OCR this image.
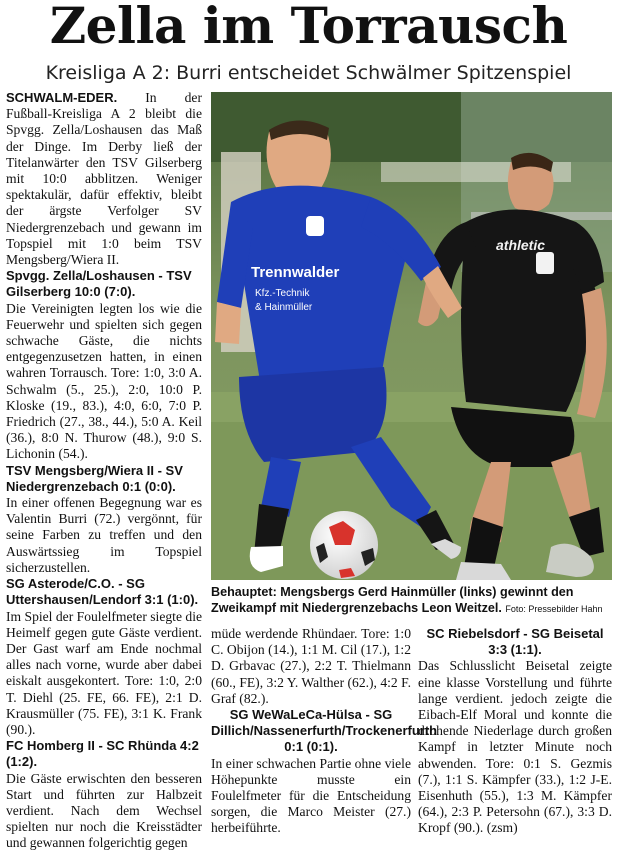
Zella im Torrausch
Kreisliga A 2: Burri entscheidet Schwälmer Spitzenspiel

SCHWALM-EDER. In der Fußball-Kreisliga A 2 bleibt die Spvgg. Zella/Loshausen das Maß der Dinge. Im Derby ließ der Titelanwärter den TSV Gilserberg mit 10:0 abblitzen. Weniger spektakulär, dafür effektiv, bleibt der ärgste Verfolger SV Niedergrenzebach und gewann im Topspiel mit 1:0 beim TSV Mengsberg/Wiera II.

Spvgg. Zella/Loshausen - TSV Gilserberg 10:0 (7:0).

Die Vereinigten legten los wie die Feuerwehr und spielten sich gegen schwache Gäste, die nichts entgegenzusetzen hatten, in einen wahren Torrausch. Tore: 1:0, 3:0 A. Schwalm (5., 25.), 2:0, 10:0 P. Kloske (19., 83.), 4:0, 6:0, 7:0 P. Friedrich (27., 38., 44.), 5:0 A. Keil (36.), 8:0 N. Thurow (48.), 9:0 S. Lichonin (54.).

TSV Mengsberg/Wiera II - SV Niedergrenzebach 0:1 (0:0).

In einer offenen Begegnung war es Valentin Burri (72.) vergönnt, für seine Farben zu treffen und den Auswärtssieg im Topspiel sicherzustellen.

SG Asterode/C.O. - SG Uttershausen/Lendorf 3:1 (1:0).

Im Spiel der Foulelfmeter siegte die Heimelf gegen gute Gäste verdient. Der Gast warf am Ende nochmal alles nach vorne, wurde aber dabei eiskalt ausgekontert. Tore: 1:0, 2:0 T. Diehl (25. FE, 66. FE), 2:1 D. Krausmüller (75. FE), 3:1 K. Frank (90.).

FC Homberg II - SC Rhünda 4:2 (1:2).

Die Gäste erwischten den besseren Start und führten zur Halbzeit verdient. Nach dem Wechsel spielten nur noch die Kreisstädter und gewannen folgerichtig gegen

athletic
Trennwalder
Kfz.-Technik
& Hainmüller
Behauptet: Mengsbergs Gerd Hainmüller (links) gewinnt den Zweikampf mit Niedergrenzebachs Leon Weitzel. Foto: Pressebilder Hahn

müde werdende Rhündaer. Tore: 1:0 C. Obijon (14.), 1:1 M. Cil (17.), 1:2 D. Grbavac (27.), 2:2 T. Thielmann (60., FE), 3:2 Y. Walther (62.), 4:2 F. Graf (82.).

SG WeWaLeCa-Hülsa - SG Dillich/Nassenerfurth/Trockenerfurth 0:1 (0:1).

In einer schwachen Partie ohne viele Höhepunkte musste ein Foulelfmeter für die Entscheidung sorgen, die Marco Meister (27.) herbeiführte.

SC Riebelsdorf - SG Beisetal 3:3 (1:1).

Das Schlusslicht Beisetal zeigte eine klasse Vorstellung und führte lange verdient. jedoch zeigte die Eibach-Elf Moral und konnte die drohende Niederlage durch großen Kampf in letzter Minute noch abwenden. Tore: 0:1 S. Gezmis (7.), 1:1 S. Kämpfer (33.), 1:2 J-E. Eisenhuth (55.), 1:3 M. Kämpfer (64.), 2:3 P. Petersohn (67.), 3:3 D. Kropf (90.). (zsm)
